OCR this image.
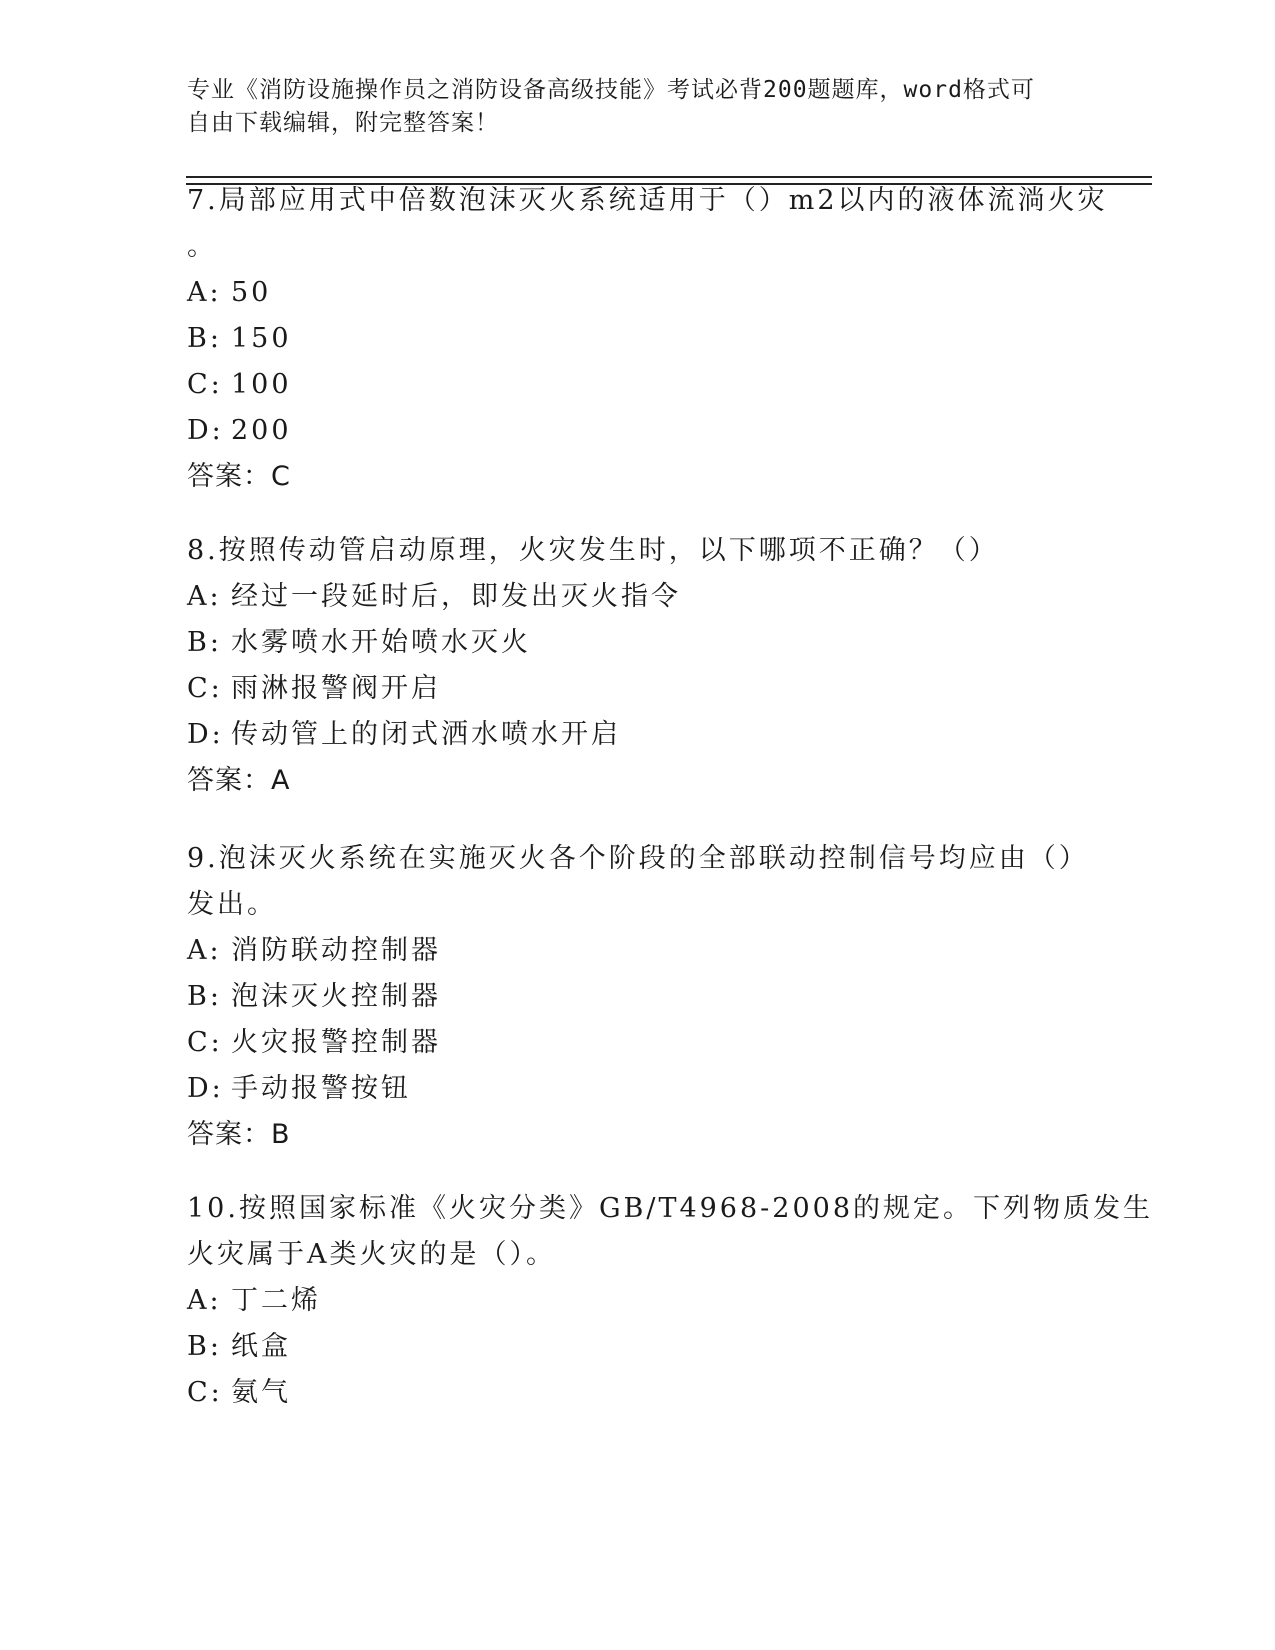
专业《消防设施操作员之消防设备高级技能》考试必背200题题库，word格式可
自由下载编辑，附完整答案！
7.局部应用式中倍数泡沫灭火系统适用于（）m2以内的液体流淌火灾
。
A: 50
B: 150
C: 100
D: 200
答案：C
8.按照传动管启动原理，火灾发生时，以下哪项不正确？（）
A: 经过一段延时后，即发出灭火指令
B: 水雾喷水开始喷水灭火
C: 雨淋报警阀开启
D: 传动管上的闭式洒水喷水开启
答案：A
9.泡沫灭火系统在实施灭火各个阶段的全部联动控制信号均应由（）
发出。
A: 消防联动控制器
B: 泡沫灭火控制器
C: 火灾报警控制器
D: 手动报警按钮
答案：B
10.按照国家标准《火灾分类》GB/T4968-2008的规定。下列物质发生
火灾属于A类火灾的是（）。
A: 丁二烯
B: 纸盒
C: 氨气
